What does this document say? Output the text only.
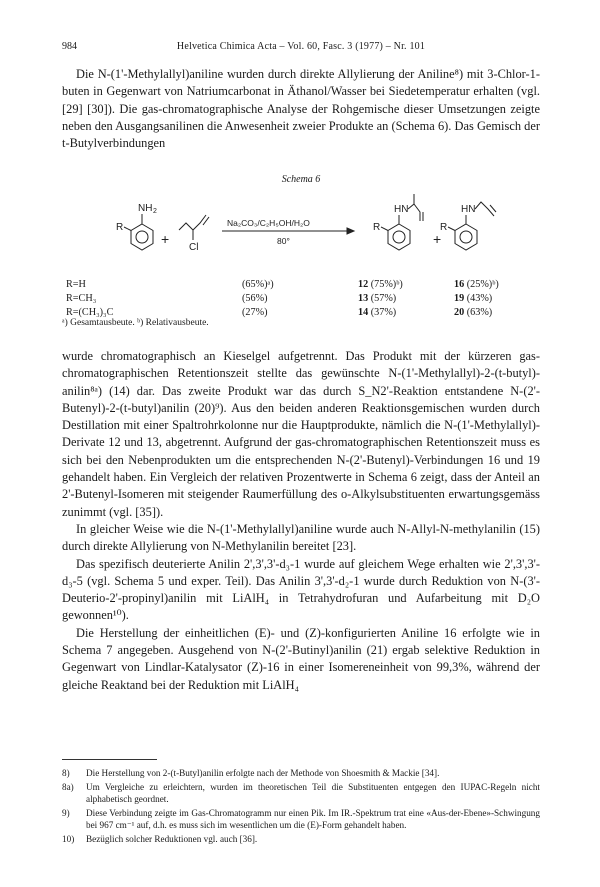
984	Helvetica Chimica Acta – Vol. 60, Fasc. 3 (1977) – Nr. 101
Die N-(1'-Methylallyl)aniline wurden durch direkte Allylierung der Aniline⁸) mit 3-Chlor-1-buten in Gegenwart von Natriumcarbonat in Äthanol/Wasser bei Siedetemperatur erhalten (vgl. [29] [30]). Die gas-chromatographische Analyse der Rohgemische dieser Umsetzungen zeigte neben den Ausgangsanilinen die Anwesenheit zweier Produkte an (Schema 6). Das Gemisch der t-Butylverbindungen
Schema 6
NH 2
R
+
Cl
Na₂CO₃/C₂H₅OH/H₂O
80°
HN
R
+
HN
R
R=H
R=CH₃
R=(CH₃)₃C
(65%)ᵃ)
(56%)
(27%)
12 (75%)ᵇ)
13 (57%)
14 (37%)
16 (25%)ᵇ)
19 (43%)
20 (63%)
ᵃ) Gesamtausbeute. ᵇ) Relativausbeute.

wurde chromatographisch an Kieselgel aufgetrennt. Das Produkt mit der kürzeren gas-chromatographischen Retentionszeit stellte das gewünschte N-(1'-Methylallyl)-2-(t-butyl)-anilin⁸ᵃ) (14) dar. Das zweite Produkt war das durch S_N2'-Reaktion entstandene N-(2'-Butenyl)-2-(t-butyl)anilin (20)⁹). Aus den beiden anderen Reaktionsgemischen wurden durch Destillation mit einer Spaltrohrkolonne nur die Hauptprodukte, nämlich die N-(1'-Methylallyl)-Derivate 12 und 13, abgetrennt. Aufgrund der gas-chromatographischen Retentionszeit muss es sich bei den Nebenprodukten um die entsprechenden N-(2'-Butenyl)-Verbindungen 16 und 19 gehandelt haben. Ein Vergleich der relativen Prozentwerte in Schema 6 zeigt, dass der Anteil an 2'-Butenyl-Isomeren mit steigender Raumerfüllung des o-Alkylsubstituenten erwartungsgemäss zunimmt (vgl. [35]).

In gleicher Weise wie die N-(1'-Methylallyl)aniline wurde auch N-Allyl-N-methylanilin (15) durch direkte Allylierung von N-Methylanilin bereitet [23].

Das spezifisch deuterierte Anilin 2',3',3'-d₃-1 wurde auf gleichem Wege erhalten wie 2',3',3'-d₃-5 (vgl. Schema 5 und exper. Teil). Das Anilin 3',3'-d₂-1 wurde durch Reduktion von N-(3'-Deuterio-2'-propinyl)anilin mit LiAlH₄ in Tetrahydrofuran und Aufarbeitung mit D₂O gewonnen¹⁰).

Die Herstellung der einheitlichen (E)- und (Z)-konfigurierten Aniline 16 erfolgte wie in Schema 7 angegeben. Ausgehend von N-(2'-Butinyl)anilin (21) ergab selektive Reduktion in Gegenwart von Lindlar-Katalysator (Z)-16 in einer Isomereneinheit von 99,3%, während der gleiche Reaktand bei der Reduktion mit LiAlH₄

8) Die Herstellung von 2-(t-Butyl)anilin erfolgte nach der Methode von Shoesmith & Mackie [34].
8a) Um Vergleiche zu erleichtern, wurden im theoretischen Teil die Substituenten entgegen den IUPAC-Regeln nicht alphabetisch geordnet.
9) Diese Verbindung zeigte im Gas-Chromatogramm nur einen Pik. Im IR.-Spektrum trat eine «Aus-der-Ebene»-Schwingung bei 967 cm⁻¹ auf, d.h. es muss sich im wesentlichen um die (E)-Form gehandelt haben.
10) Bezüglich solcher Reduktionen vgl. auch [36].
